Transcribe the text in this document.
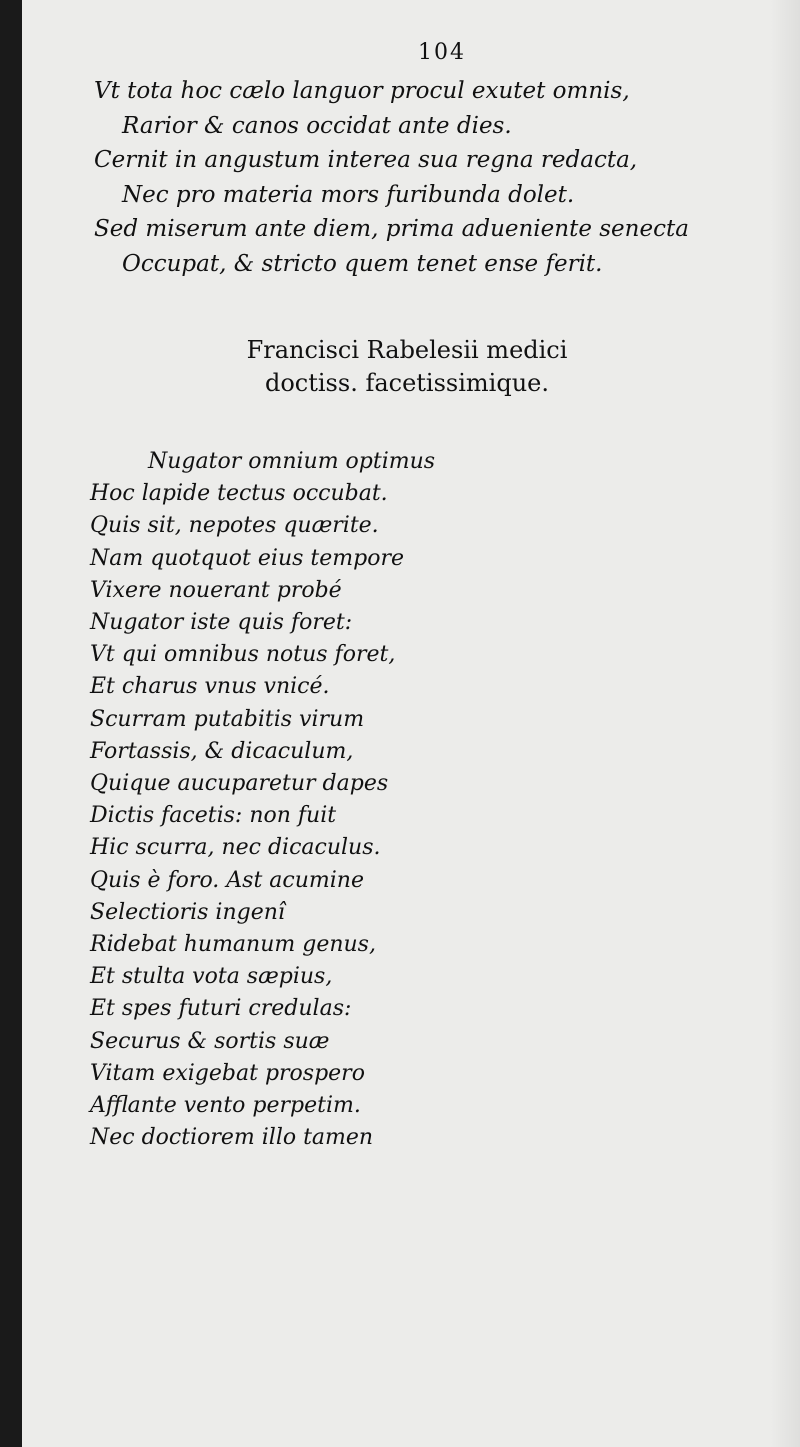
104
Vt tota hoc cælo languor procul exutet omnis,
Rarior & canos occidat ante dies.
Cernit in angustum interea sua regna redacta,
Nec pro materia mors furibunda dolet.
Sed miserum ante diem, prima adueniente senecta
Occupat, & stricto quem tenet ense ferit.
Francisci Rabelesii medici
doctiss. facetissimique.
Nugator omnium optimus
Hoc lapide tectus occubat.
Quis sit, nepotes quærite.
Nam quotquot eius tempore
Vixere nouerant probé
Nugator iste quis foret:
Vt qui omnibus notus foret,
Et charus vnus vnicé.
Scurram putabitis virum
Fortassis, & dicaculum,
Quique aucuparetur dapes
Dictis facetis: non fuit
Hic scurra, nec dicaculus.
Quis è foro. Ast acumine
Selectioris ingenî
Ridebat humanum genus,
Et stulta vota sæpius,
Et spes futuri credulas:
Securus & sortis suæ
Vitam exigebat prospero
Afflante vento perpetim.
Nec doctiorem illo tamen
